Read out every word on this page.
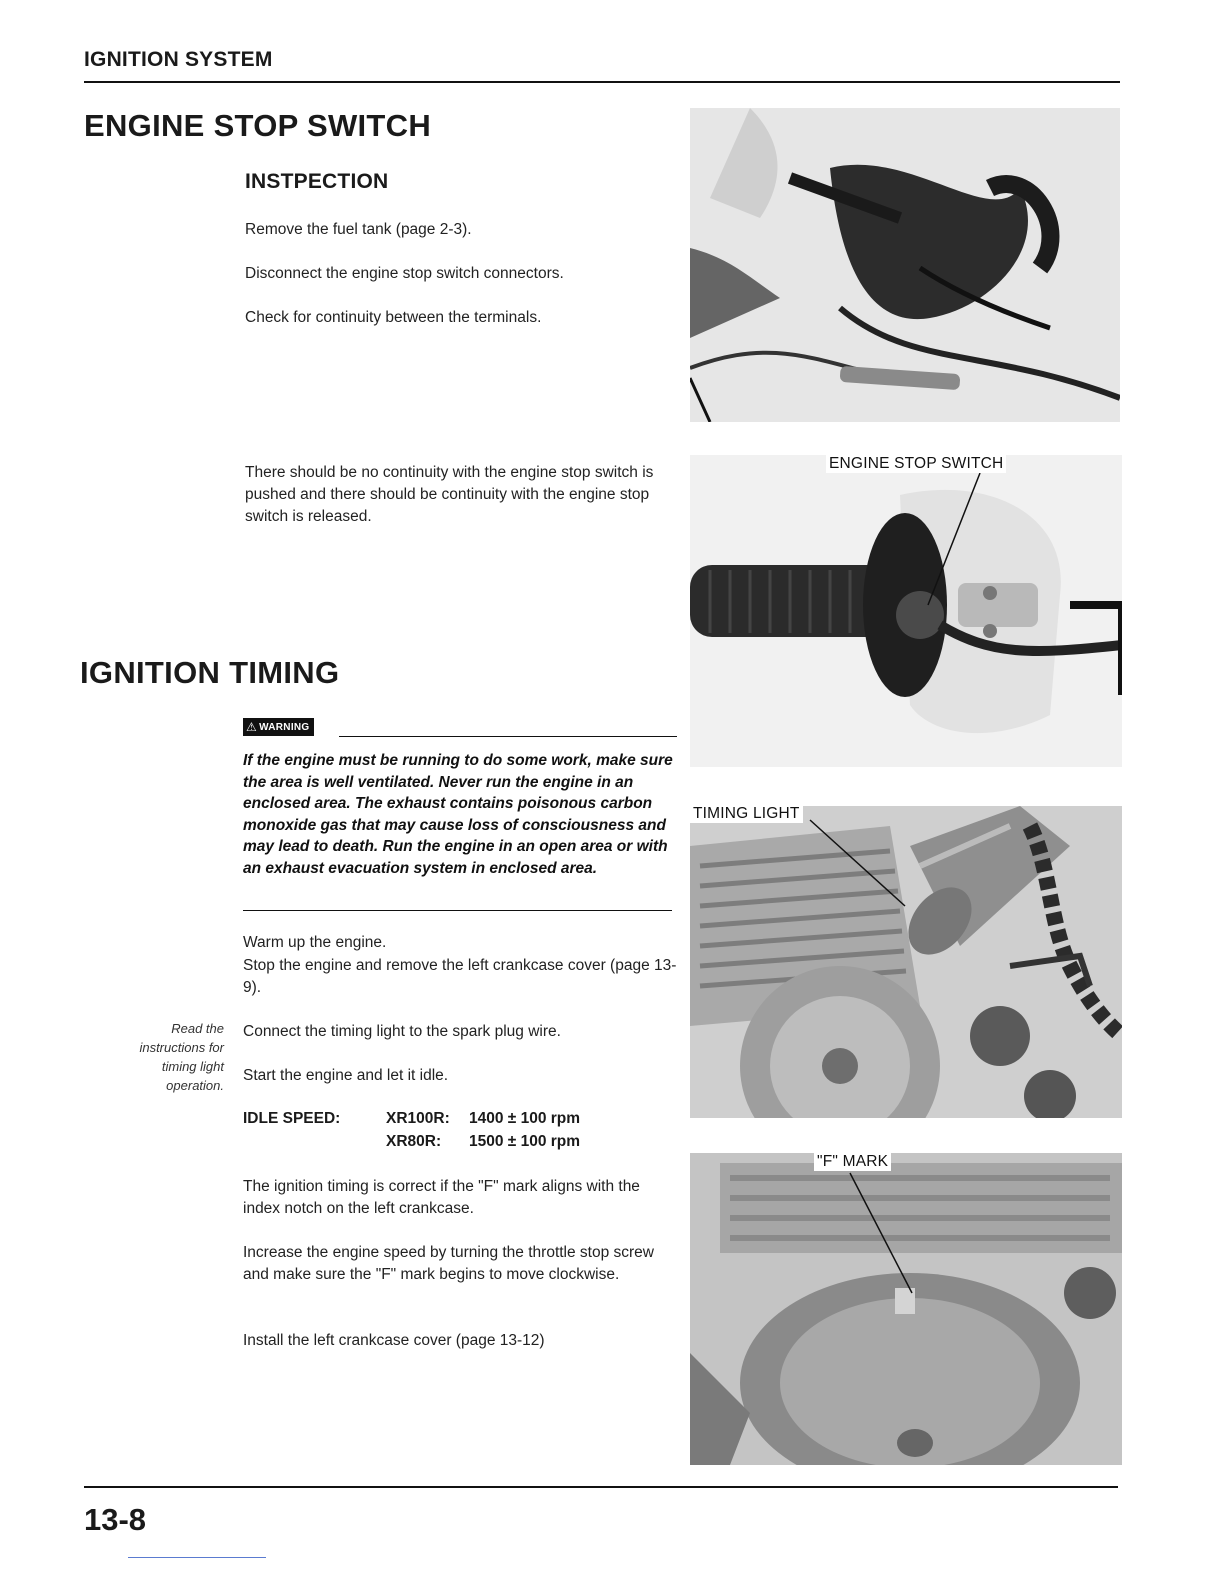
IGNITION SYSTEM
ENGINE STOP SWITCH
INSTPECTION
Remove the fuel tank (page 2-3).
Disconnect the engine stop switch connectors.
Check for continuity between the terminals.
There should be no continuity with the engine stop switch is pushed and there should be continuity with the engine stop switch is released.
ENGINE STOP SWITCH
IGNITION TIMING
⚠ WARNING
If the engine must be running to do some work, make sure the area is well ventilated. Never run the engine in an enclosed area. The exhaust contains poisonous carbon monoxide gas that may cause loss of consciousness and may lead to death. Run the engine in an open area or with an exhaust evacuation system in enclosed area.
Warm up the engine.
Stop the engine and remove the left crankcase cover (page 13-9).
Read the instructions for timing light operation.
Connect the timing light to the spark plug wire.
Start the engine and let it idle.
IDLE SPEED:	XR100R: 1400 ± 100 rpm
XR80R: 1500 ± 100 rpm
The ignition timing is correct if the "F" mark aligns with the index notch on the left crankcase.
Increase the engine speed by turning the throttle stop screw and make sure the "F" mark begins to move clockwise.
Install the left crankcase cover (page 13-12)
TIMING LIGHT
"F" MARK
13-8
